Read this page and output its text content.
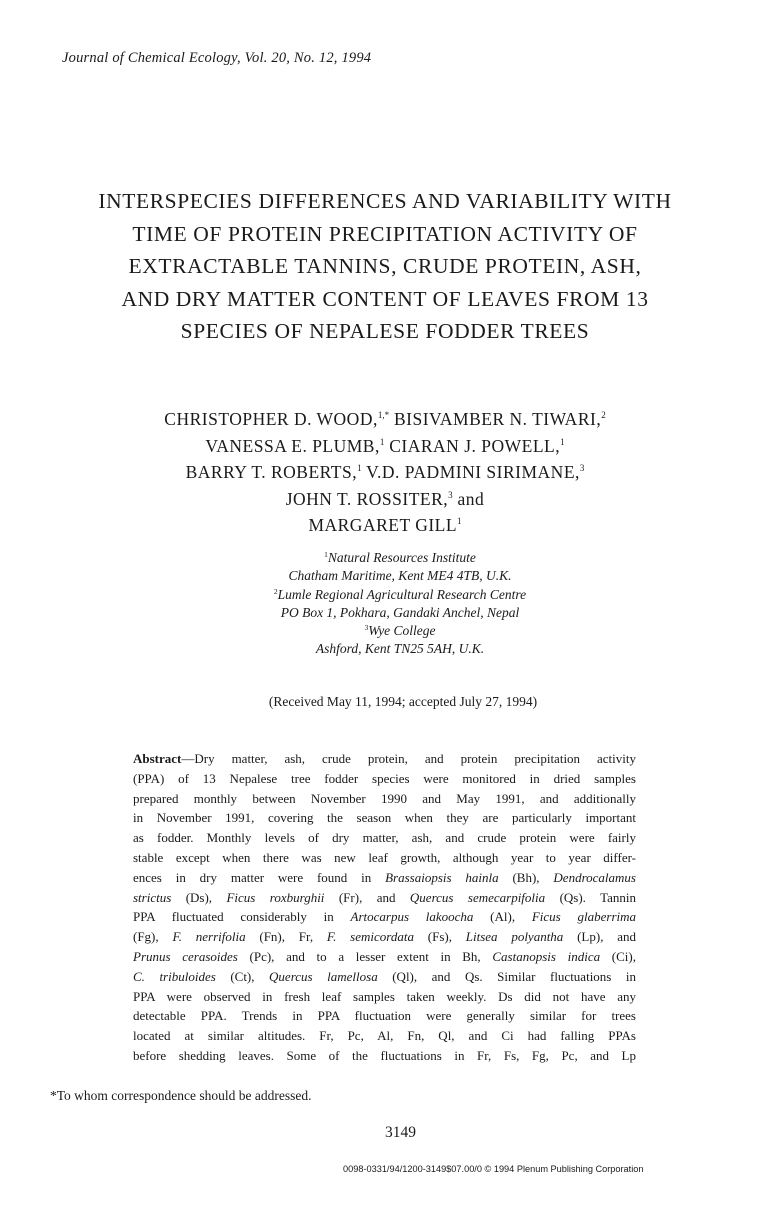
Journal of Chemical Ecology, Vol. 20, No. 12, 1994
INTERSPECIES DIFFERENCES AND VARIABILITY WITH
TIME OF PROTEIN PRECIPITATION ACTIVITY OF
EXTRACTABLE TANNINS, CRUDE PROTEIN, ASH,
AND DRY MATTER CONTENT OF LEAVES FROM 13
SPECIES OF NEPALESE FODDER TREES
CHRISTOPHER D. WOOD,$^{1,*}$ BISIVAMBER N. TIWARI,$^2$
VANESSA E. PLUMB,$^1$ CIARAN J. POWELL,$^1$
BARRY T. ROBERTS,$^1$ V.D. PADMINI SIRIMANE,$^3$
JOHN T. ROSSITER,$^3$ and
MARGARET GILL$^1$
$^1$Natural Resources Institute
Chatham Maritime, Kent ME4 4TB, U.K.
$^2$Lumle Regional Agricultural Research Centre
PO Box 1, Pokhara, Gandaki Anchel, Nepal
$^3$Wye College
Ashford, Kent TN25 5AH, U.K.
(Received May 11, 1994; accepted July 27, 1994)
Abstract—Dry matter, ash, crude protein, and protein precipitation activity
(PPA) of 13 Nepalese tree fodder species were monitored in dried samples
prepared monthly between November 1990 and May 1991, and additionally
in November 1991, covering the season when they are particularly important
as fodder. Monthly levels of dry matter, ash, and crude protein were fairly
stable except when there was new leaf growth, although year to year differ-
ences in dry matter were found in Brassaiopsis hainla (Bh), Dendrocalamus
strictus (Ds), Ficus roxburghii (Fr), and Quercus semecarpifolia (Qs). Tannin
PPA fluctuated considerably in Artocarpus lakoocha (Al), Ficus glaberrima
(Fg), F. nerrifolia (Fn), Fr, F. semicordata (Fs), Litsea polyantha (Lp), and
Prunus cerasoides (Pc), and to a lesser extent in Bh, Castanopsis indica (Ci),
C. tribuloides (Ct), Quercus lamellosa (Ql), and Qs. Similar fluctuations in
PPA were observed in fresh leaf samples taken weekly. Ds did not have any
detectable PPA. Trends in PPA fluctuation were generally similar for trees
located at similar altitudes. Fr, Pc, Al, Fn, Ql, and Ci had falling PPAs
before shedding leaves. Some of the fluctuations in Fr, Fs, Fg, Pc, and Lp
*To whom correspondence should be addressed.
3149
0098-0331/94/1200-3149$07.00/0 © 1994 Plenum Publishing Corporation
